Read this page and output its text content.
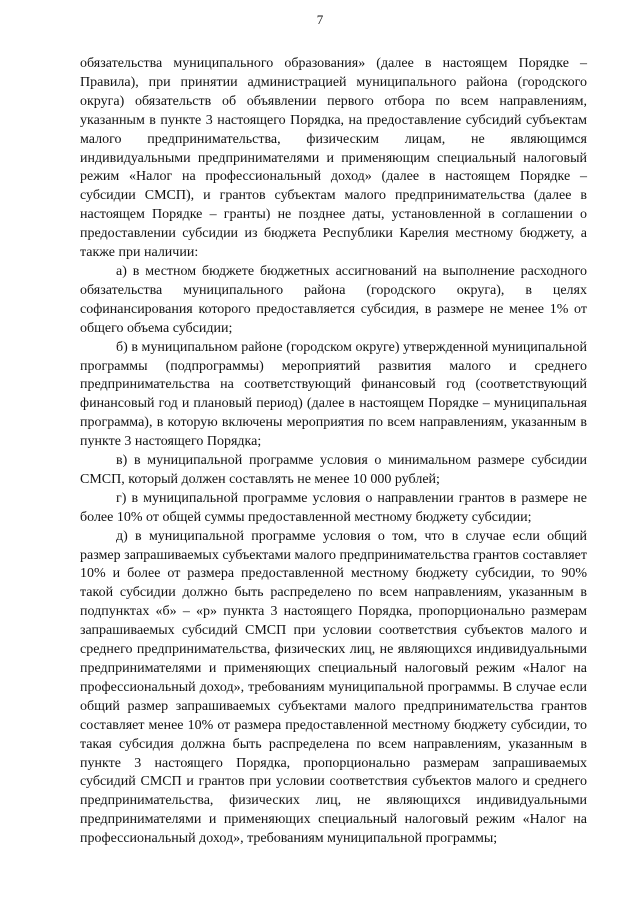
7

обязательства муниципального образования» (далее в настоящем Порядке – Правила), при принятии администрацией муниципального района (городского округа) обязательств об объявлении первого отбора по всем направлениям, указанным в пункте 3 настоящего Порядка, на предоставление субсидий субъектам малого предпринимательства, физическим лицам, не являющимся индивидуальными предпринимателями и применяющим специальный налоговый режим «Налог на профессиональный доход» (далее в настоящем Порядке – субсидии СМСП), и грантов субъектам малого предпринимательства (далее в настоящем Порядке – гранты) не позднее даты, установленной в соглашении о предоставлении субсидии из бюджета Республики Карелия местному бюджету, а также при наличии:

а) в местном бюджете бюджетных ассигнований на выполнение расходного обязательства муниципального района (городского округа), в целях софинансирования которого предоставляется субсидия, в размере не менее 1% от общего объема субсидии;

б) в муниципальном районе (городском округе) утвержденной муниципальной программы (подпрограммы) мероприятий развития малого и среднего предпринимательства на соответствующий финансовый год (соответствующий финансовый год и плановый период) (далее в настоящем Порядке – муниципальная программа), в которую включены мероприятия по всем направлениям, указанным в пункте 3 настоящего Порядка;

в) в муниципальной программе условия о минимальном размере субсидии СМСП, который должен составлять не менее 10 000 рублей;

г) в муниципальной программе условия о направлении грантов в размере не более 10% от общей суммы предоставленной местному бюджету субсидии;

д) в муниципальной программе условия о том, что в случае если общий размер запрашиваемых субъектами малого предпринимательства грантов составляет 10% и более от размера предоставленной местному бюджету субсидии, то 90% такой субсидии должно быть распределено по всем направлениям, указанным в подпунктах «б» – «р» пункта 3 настоящего Порядка, пропорционально размерам запрашиваемых субсидий СМСП при условии соответствия субъектов малого и среднего предпринимательства, физических лиц, не являющихся индивидуальными предпринимателями и применяющих специальный налоговый режим «Налог на профессиональный доход», требованиям муниципальной программы. В случае если общий размер запрашиваемых субъектами малого предпринимательства грантов составляет менее 10% от размера предоставленной местному бюджету субсидии, то такая субсидия должна быть распределена по всем направлениям, указанным в пункте 3 настоящего Порядка, пропорционально размерам запрашиваемых субсидий СМСП и грантов при условии соответствия субъектов малого и среднего предпринимательства, физических лиц, не являющихся индивидуальными предпринимателями и применяющих специальный налоговый режим «Налог на профессиональный доход», требованиям муниципальной программы;
